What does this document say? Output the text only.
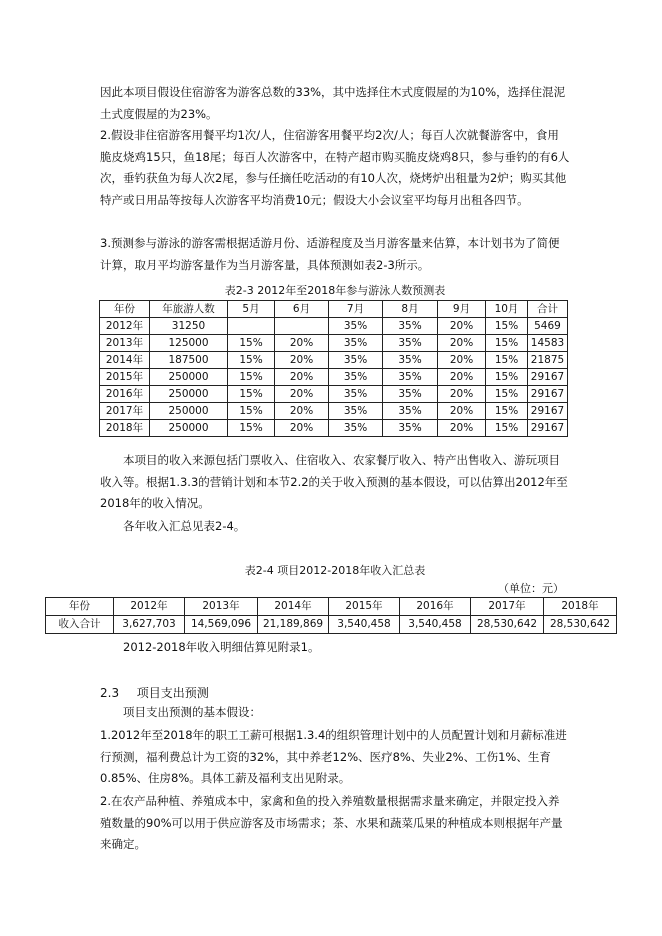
因此本项目假设住宿游客为游客总数的33%，其中选择住木式度假屋的为10%，选择住混泥土式度假屋的为23%。

2.假设非住宿游客用餐平均1次/人，住宿游客用餐平均2次/人；每百人次就餐游客中，食用脆皮烧鸡15只，鱼18尾；每百人次游客中，在特产超市购买脆皮烧鸡8只，参与垂钓的有6人次，垂钓获鱼为每人次2尾，参与任摘任吃活动的有10人次，烧烤炉出租量为2炉；购买其他特产或日用品等按每人次游客平均消费10元；假设大小会议室平均每月出租各四节。

3.预测参与游泳的游客需根据适游月份、适游程度及当月游客量来估算，本计划书为了简便计算，取月平均游客量作为当月游客量，具体预测如表2-3所示。

表2-3 2012年至2018年参与游泳人数预测表
年份	年旅游人数	5月	6月	7月	8月	9月	10月	合计
2012年	31250			35%	35%	20%	15%	5469
2013年	125000	15%	20%	35%	35%	20%	15%	14583
2014年	187500	15%	20%	35%	35%	20%	15%	21875
2015年	250000	15%	20%	35%	35%	20%	15%	29167
2016年	250000	15%	20%	35%	35%	20%	15%	29167
2017年	250000	15%	20%	35%	35%	20%	15%	29167
2018年	250000	15%	20%	35%	35%	20%	15%	29167

本项目的收入来源包括门票收入、住宿收入、农家餐厅收入、特产出售收入、游玩项目收入等。根据1.3.3的营销计划和本节2.2的关于收入预测的基本假设，可以估算出2012年至2018年的收入情况。

各年收入汇总见表2-4。

表2-4 项目2012-2018年收入汇总表
（单位：元）
年份	2012年	2013年	2014年	2015年	2016年	2017年	2018年
收入合计	3,627,703	14,569,096	21,189,869	3,540,458	3,540,458	28,530,642	28,530,642

2012-2018年收入明细估算见附录1。

2.3 项目支出预测

项目支出预测的基本假设：

1.2012年至2018年的职工工薪可根据1.3.4的组织管理计划中的人员配置计划和月薪标准进行预测，福利费总计为工资的32%，其中养老12%、医疗8%、失业2%、工伤1%、生育0.85%、住房8%。具体工薪及福利支出见附录。

2.在农产品种植、养殖成本中，家禽和鱼的投入养殖数量根据需求量来确定，并限定投入养殖数量的90%可以用于供应游客及市场需求；茶、水果和蔬菜瓜果的种植成本则根据年产量来确定。
